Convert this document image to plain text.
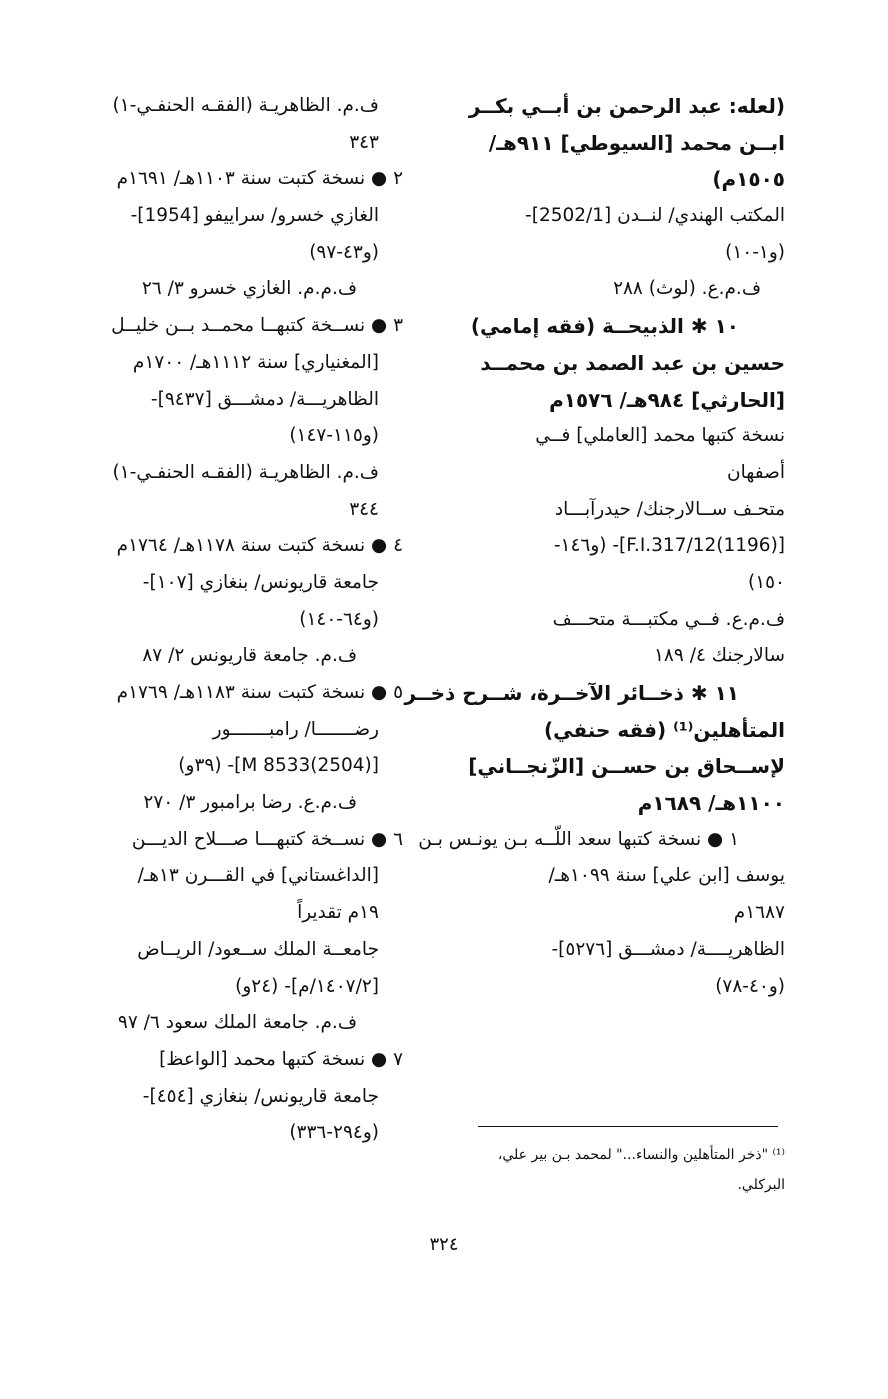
(لعله: عبد الرحمن بن أبــي بكــر
ابــن محمد [السيوطي] ٩١١هـ/
١٥٠٥م)
المكتب الهندي/ لنــدن [2502/1]-
(و١-١٠)
ف.م.ع. (لوث) ٢٨٨
١٠ ✱ الذبيحــة (فقه إمامي)
حسين بن عبد الصمد بن محمــد
[الحارثي] ٩٨٤هـ/ ١٥٧٦م
نسخة كتبها محمد [العاملي] فــي
أصفهان
متحـف ســالارجنك/ حيدرآبـــاد
[(1196)F.I.317/12]- (و١٤٦-
١٥٠)
ف.م.ع. فــي مكتبـــة متحـــف
سالارجنك ٤/ ١٨٩
١١ ✱ ذخــائر الآخــرة، شــرح ذخــر
المتأهلين⁽¹⁾ (فقه حنفي)
لإســحاق بن حســن [الزّنجــاني]
١١٠٠هـ/ ١٦٨٩م
١ ● نسخة كتبها سعد اللّــه بـن يونـس بـن
يوسف [ابن علي] سنة ١٠٩٩هـ/
١٦٨٧م
الظاهريــــة/ دمشـــق [٥٢٧٦]-
(و٤٠-٧٨)
ف.م. الظاهريـة (الفقـه الحنفـي-١)
٣٤٣
٢ ● نسخة كتبت سنة ١١٠٣هـ/ ١٦٩١م
الغازي خسرو/ سراييفو [1954]-
(و٤٣-٩٧)
ف.م.م. الغازي خسرو ٣/ ٢٦
٣ ● نســخة كتبهــا محمــد بــن خليــل
[المغنياري] سنة ١١١٢هـ/ ١٧٠٠م
الظاهريـــة/ دمشـــق [٩٤٣٧]-
(و١١٥-١٤٧)
ف.م. الظاهريـة (الفقـه الحنفـي-١)
٣٤٤
٤ ● نسخة كتبت سنة ١١٧٨هـ/ ١٧٦٤م
جامعة قاريونس/ بنغازي [١٠٧]-
(و٦٤-١٤٠)
ف.م. جامعة قاريونس ٢/ ٨٧
٥ ● نسخة كتبت سنة ١١٨٣هـ/ ١٧٦٩م
رضـــــــا/ رامبـــــــور
[M 8533(2504)]- (٣٩و)
ف.م.ع. رضا برامبور ٣/ ٢٧٠
٦ ● نســخة كتبهـــا صـــلاح الديـــن
[الداغستاني] في القـــرن ١٣هـ/
١٩م تقديراً
جامعــة الملك ســعود/ الريــاض
[١٤٠٧/٢/م]- (٢٤و)
ف.م. جامعة الملك سعود ٦/ ٩٧
٧ ● نسخة كتبها محمد [الواعظ]
جامعة قاريونس/ بنغازي [٤٥٤]-
(و٢٩٤-٣٣٦)
⁽¹⁾ "ذخر المتأهلين والنساء..." لمحمد بـن بير علي،
البركلي.
٣٢٤
